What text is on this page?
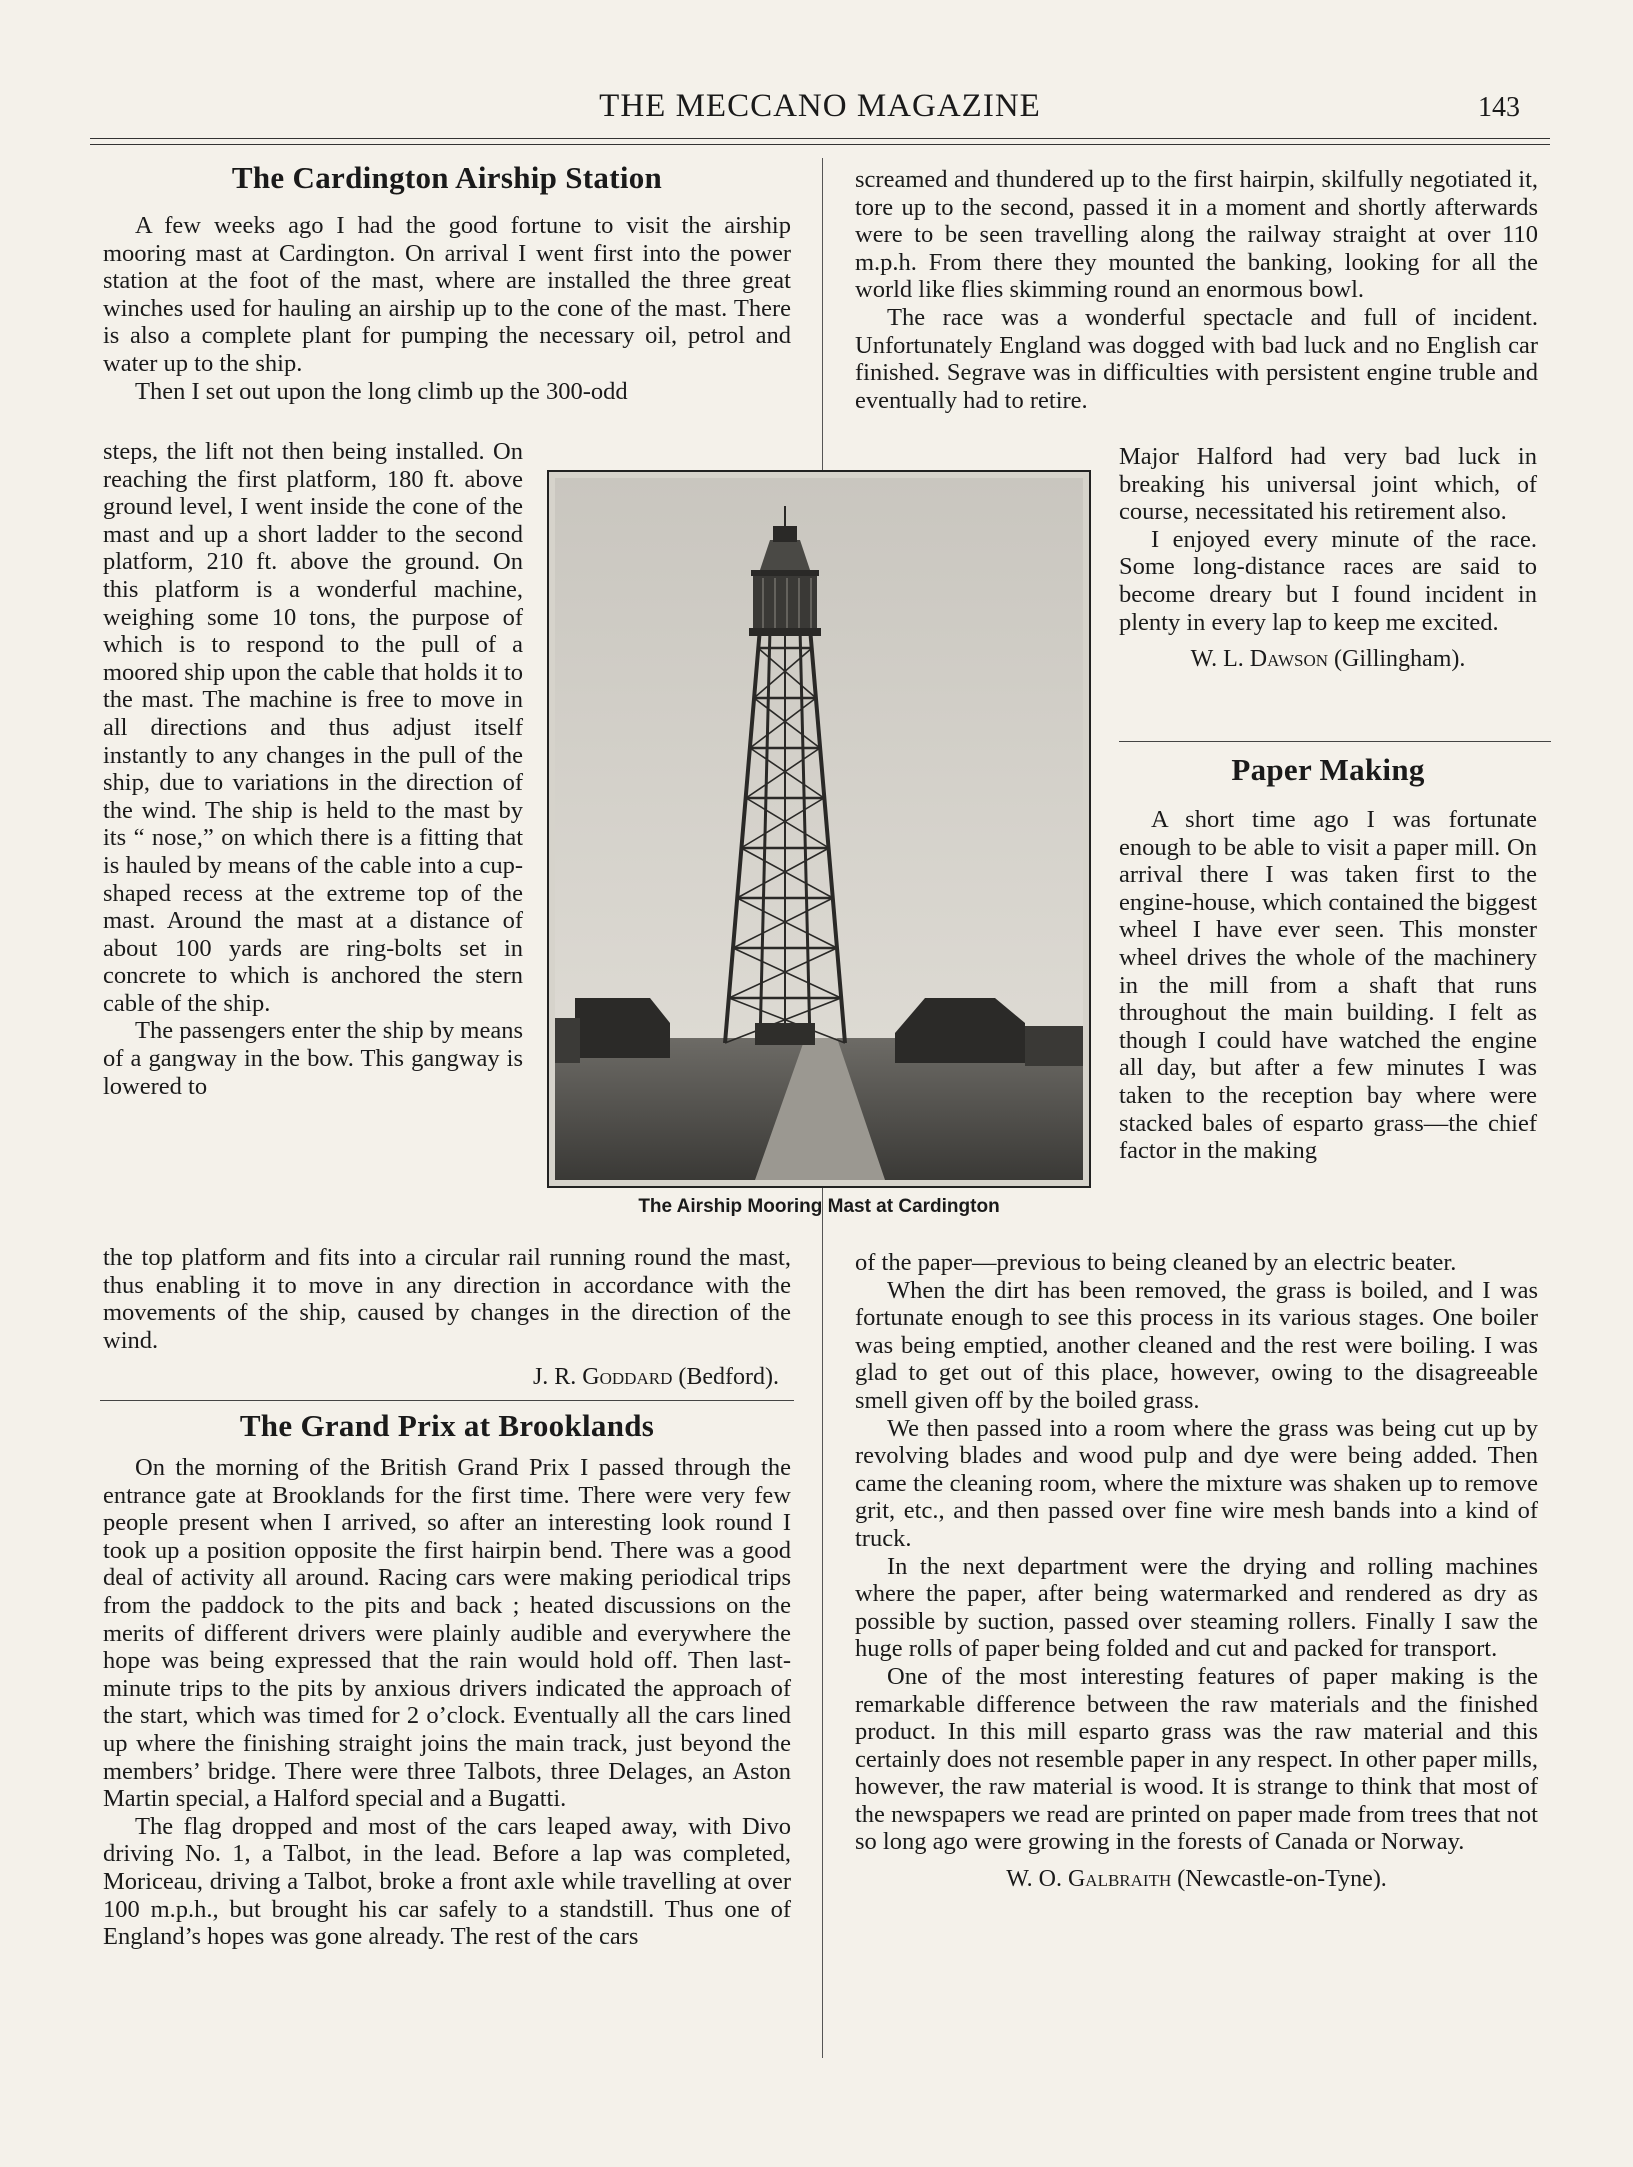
THE MECCANO MAGAZINE	143
The Cardington Airship Station

A few weeks ago I had the good fortune to visit the airship mooring mast at Cardington. On arrival I went first into the power station at the foot of the mast, where are installed the three great winches used for hauling an airship up to the cone of the mast. There is also a complete plant for pumping the necessary oil, petrol and water up to the ship.

Then I set out upon the long climb up the 300-odd

steps, the lift not then being installed. On reaching the first platform, 180 ft. above ground level, I went inside the cone of the mast and up a short ladder to the second platform, 210 ft. above the ground. On this platform is a wonderful machine, weighing some 10 tons, the purpose of which is to respond to the pull of a moored ship upon the cable that holds it to the mast. The machine is free to move in all directions and thus adjust itself instantly to any changes in the pull of the ship, due to variations in the direction of the wind. The ship is held to the mast by its “ nose,” on which there is a fitting that is hauled by means of the cable into a cup-shaped recess at the extreme top of the mast. Around the mast at a distance of about 100 yards are ring-bolts set in concrete to which is anchored the stern cable of the ship.

The passengers enter the ship by means of a gangway in the bow. This gangway is lowered to

the top platform and fits into a circular rail running round the mast, thus enabling it to move in any direction in accordance with the movements of the ship, caused by changes in the direction of the wind.

J. R. Goddard (Bedford).
The Grand Prix at Brooklands

On the morning of the British Grand Prix I passed through the entrance gate at Brooklands for the first time. There were very few people present when I arrived, so after an interesting look round I took up a position opposite the first hairpin bend. There was a good deal of activity all around. Racing cars were making periodical trips from the paddock to the pits and back ; heated discussions on the merits of different drivers were plainly audible and everywhere the hope was being expressed that the rain would hold off. Then last-minute trips to the pits by anxious drivers indicated the approach of the start, which was timed for 2 o’clock. Eventually all the cars lined up where the finishing straight joins the main track, just beyond the members’ bridge. There were three Talbots, three Delages, an Aston Martin special, a Halford special and a Bugatti.

The flag dropped and most of the cars leaped away, with Divo driving No. 1, a Talbot, in the lead. Before a lap was completed, Moriceau, driving a Talbot, broke a front axle while travelling at over 100 m.p.h., but brought his car safely to a standstill. Thus one of England’s hopes was gone already. The rest of the cars

screamed and thundered up to the first hairpin, skilfully negotiated it, tore up to the second, passed it in a moment and shortly afterwards were to be seen travelling along the railway straight at over 110 m.p.h. From there they mounted the banking, looking for all the world like flies skimming round an enormous bowl.

The race was a wonderful spectacle and full of incident. Unfortunately England was dogged with bad luck and no English car finished. Segrave was in difficulties with persistent engine truble and eventually had to retire.

Major Halford had very bad luck in breaking his universal joint which, of course, necessitated his retirement also.

I enjoyed every minute of the race. Some long-distance races are said to become dreary but I found incident in plenty in every lap to keep me excited.

W. L. Dawson (Gillingham).
Paper Making

A short time ago I was fortunate enough to be able to visit a paper mill. On arrival there I was taken first to the engine-house, which contained the biggest wheel I have ever seen. This monster wheel drives the whole of the machinery in the mill from a shaft that runs throughout the main building. I felt as though I could have watched the engine all day, but after a few minutes I was taken to the reception bay where were stacked bales of esparto grass—the chief factor in the making

of the paper—previous to being cleaned by an electric beater.

When the dirt has been removed, the grass is boiled, and I was fortunate enough to see this process in its various stages. One boiler was being emptied, another cleaned and the rest were boiling. I was glad to get out of this place, however, owing to the disagreeable smell given off by the boiled grass.

We then passed into a room where the grass was being cut up by revolving blades and wood pulp and dye were being added. Then came the cleaning room, where the mixture was shaken up to remove grit, etc., and then passed over fine wire mesh bands into a kind of truck.

In the next department were the drying and rolling machines where the paper, after being watermarked and rendered as dry as possible by suction, passed over steaming rollers. Finally I saw the huge rolls of paper being folded and cut and packed for transport.

One of the most interesting features of paper making is the remarkable difference between the raw materials and the finished product. In this mill esparto grass was the raw material and this certainly does not resemble paper in any respect. In other paper mills, however, the raw material is wood. It is strange to think that most of the newspapers we read are printed on paper made from trees that not so long ago were growing in the forests of Canada or Norway.

W. O. Galbraith (Newcastle-on-Tyne).
The Airship Mooring Mast at Cardington
